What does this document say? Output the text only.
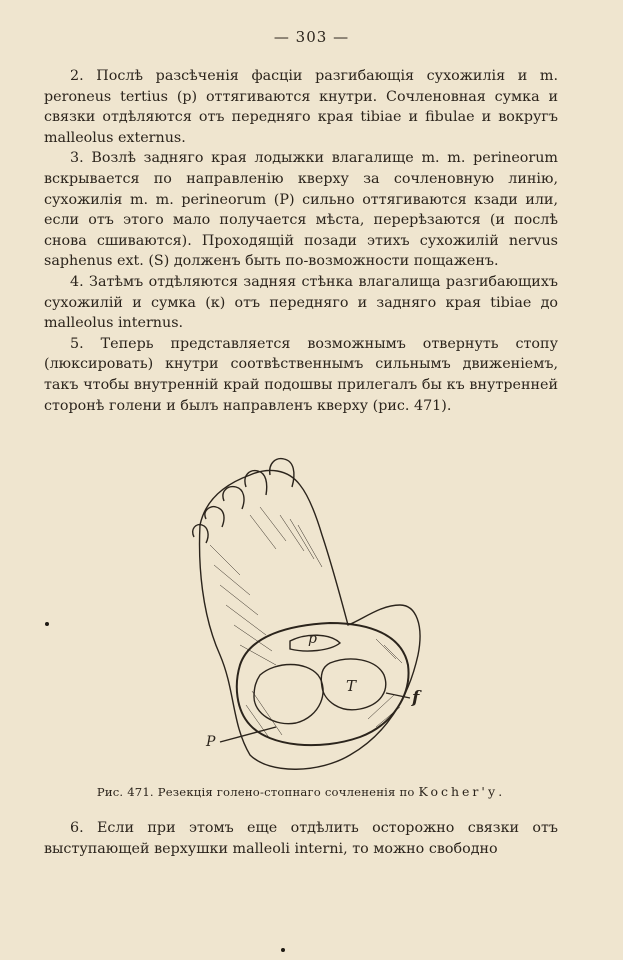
— 303 —

2. Послѣ разсѣченія фасціи разгибающія сухожилія и m. peroneus tertius (p) оттягиваются кнутри. Сочленовная сумка и связки отдѣляются отъ передняго края tibiae и fibulae и вокругъ malleolus externus.

3. Возлѣ задняго края лодыжки влагалище m. m. perineorum вскрывается по направленію кверху за сочленовную линію, сухожилія m. m. perineorum (P) сильно оттягиваются кзади или, если отъ этого мало получается мѣста, перерѣзаются (и послѣ снова сшиваются). Проходящій позади этихъ сухожилій nervus saphenus ext. (S) долженъ быть по-возможности пощаженъ.

4. Затѣмъ отдѣляются задняя стѣнка влагалища разгибающихъ сухожилій и сумка (к) отъ передняго и задняго края tibiae до malleolus internus.

5. Теперь представляется возможнымъ отвернуть стопу (люксировать) кнутри соотвѣственнымъ сильнымъ движеніемъ, такъ чтобы внутренній край подошвы прилегалъ бы къ внутренней сторонѣ голени и былъ направленъ кверху (рис. 471).

p
T
f
P
Рис. 471. Резекція голено-стопнаго сочлененія по Kocher'у.

6. Если при этомъ еще отдѣлить осторожно связки отъ выступающей верхушки malleoli interni, то можно свободно
